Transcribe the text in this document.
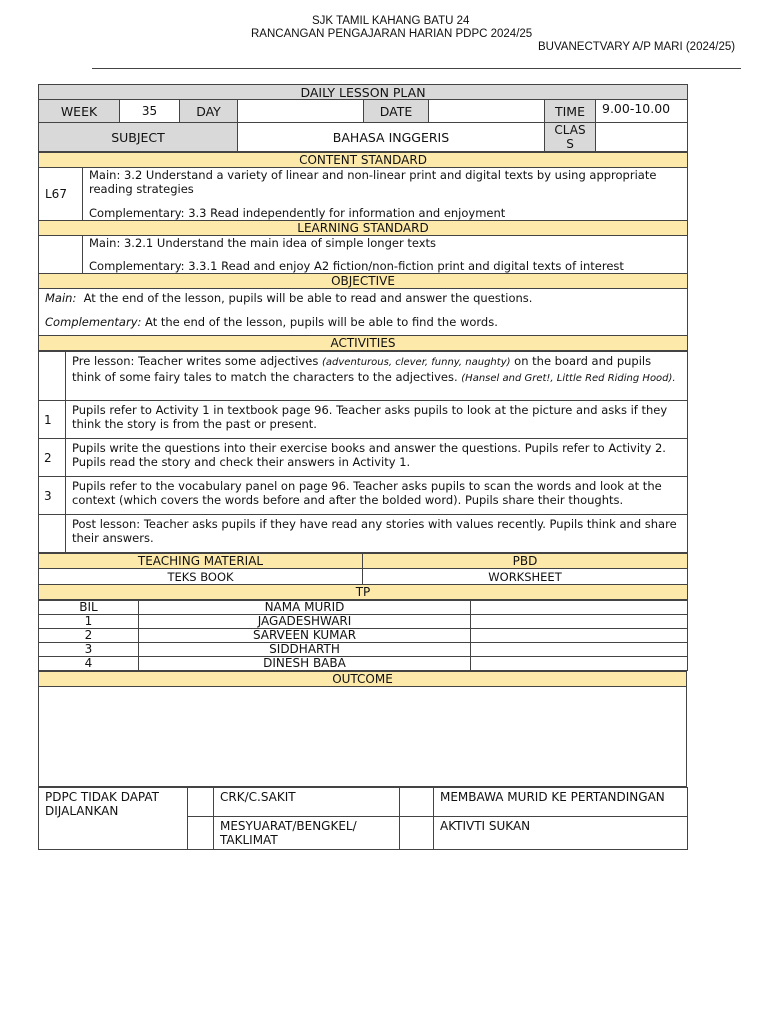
SJK TAMIL KAHANG BATU 24
RANCANGAN PENGAJARAN HARIAN PDPC 2024/25
BUVANECTVARY A/P MARI (2024/25)
DAILY LESSON PLAN							
WEEK	35	DAY		DATE		TIME	9.00-10.00
SUBJECT			BAHASA INGGERIS			CLAS
S	
CONTENT STANDARD	
L67	Main: 3.2 Understand a variety of linear and non-linear print and digital texts by using appropriate reading strategies

Complementary: 3.3 Read independently for information and enjoyment

LEARNING STANDARD	

	Main: 3.2.1 Understand the main idea of simple longer texts

Complementary: 3.3.1 Read and enjoy A2 fiction/non-fiction print and digital texts of interest

OBJECTIVE	

Main: At the end of the lesson, pupils will be able to read and answer the questions.

Complementary: At the end of the lesson, pupils will be able to find the words.	

ACTIVITIES	
	Pre lesson: Teacher writes some adjectives (adventurous, clever, funny, naughty) on the board and pupils think of some fairy tales to match the characters to the adjectives. (Hansel and Gret!, Little Red Riding Hood).
1	Pupils refer to Activity 1 in textbook page 96. Teacher asks pupils to look at the picture and asks if they think the story is from the past or present.
2	Pupils write the questions into their exercise books and answer the questions. Pupils refer to Activity 2. Pupils read the story and check their answers in Activity 1.
3	Pupils refer to the vocabulary panel on page 96. Teacher asks pupils to scan the words and look at the context (which covers the words before and after the bolded word). Pupils share their thoughts.
	Post lesson: Teacher asks pupils if they have read any stories with values recently. Pupils think and share their answers.
TEACHING MATERIAL	PBD
TEKS BOOK	WORKSHEET
TP	
BIL	NAMA MURID	
1	JAGADESHWARI	
2	SARVEEN KUMAR	
3	SIDDHARTH	
4	DINESH BABA	
OUTCOME

PDPC TIDAK DAPAT DIJALANKAN		CRK/C.SAKIT		MEMBAWA MURID KE PERTANDINGAN
		MESYUARAT/BENGKEL/ TAKLIMAT		AKTIVTI SUKAN
